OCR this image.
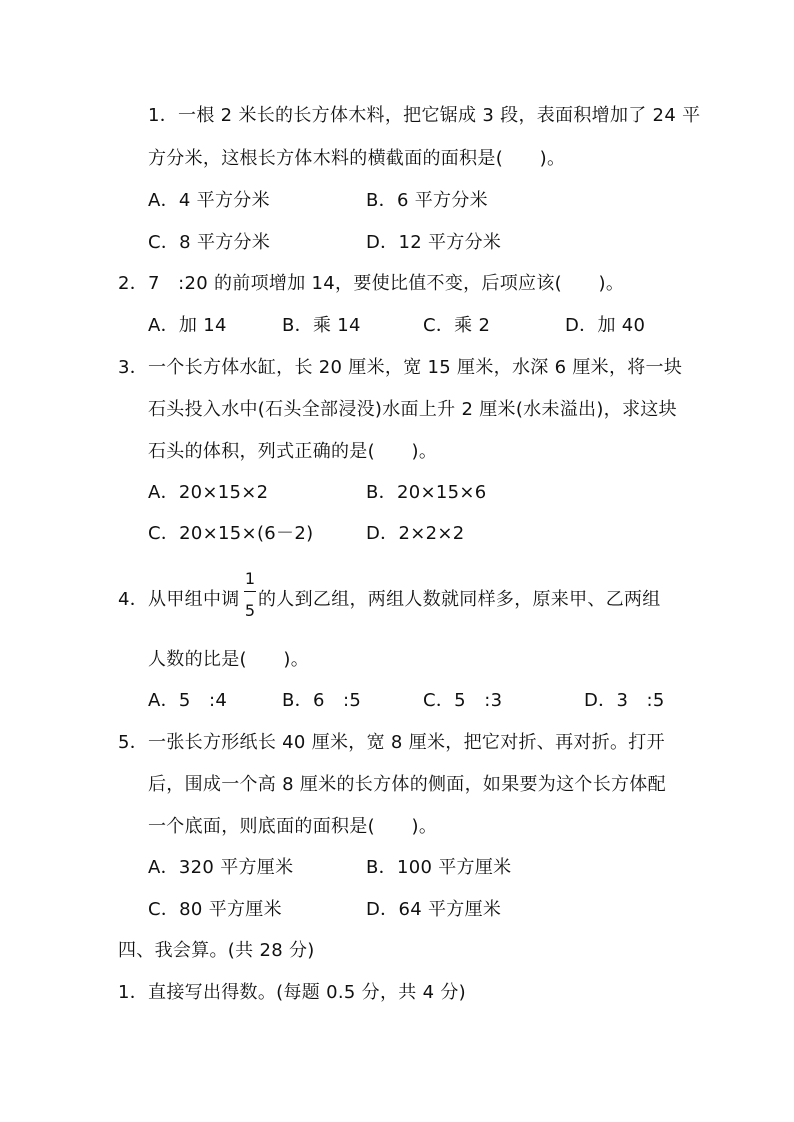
1．一根 2 米长的长方体木料，把它锯成 3 段，表面积增加了 24 平
方分米，这根长方体木料的横截面的面积是(　　)。
A．4 平方分米	B．6 平方分米
C．8 平方分米	D．12 平方分米
2．7　:20 的前项增加 14，要使比值不变，后项应该(　　)。
A．加 14	B．乘 14	C．乘 2	D．加 40
3．一个长方体水缸，长 20 厘米，宽 15 厘米，水深 6 厘米，将一块
石头投入水中(石头全部浸没)水面上升 2 厘米(水未溢出)，求这块
石头的体积，列式正确的是(　　)。
A．20×15×2	B．20×15×6
C．20×15×(6－2)	D．2×2×2
4．从甲组中调
1
5
的人到乙组，两组人数就同样多，原来甲、乙两组
人数的比是(　　)。
A．5　:4	B．6　:5	C．5　:3	D．3　:5
5．一张长方形纸长 40 厘米，宽 8 厘米，把它对折、再对折。打开
后，围成一个高 8 厘米的长方体的侧面，如果要为这个长方体配
一个底面，则底面的面积是(　　)。
A．320 平方厘米	B．100 平方厘米
C．80 平方厘米	D．64 平方厘米
四、我会算。(共 28 分)
1．直接写出得数。(每题 0.5 分，共 4 分)
